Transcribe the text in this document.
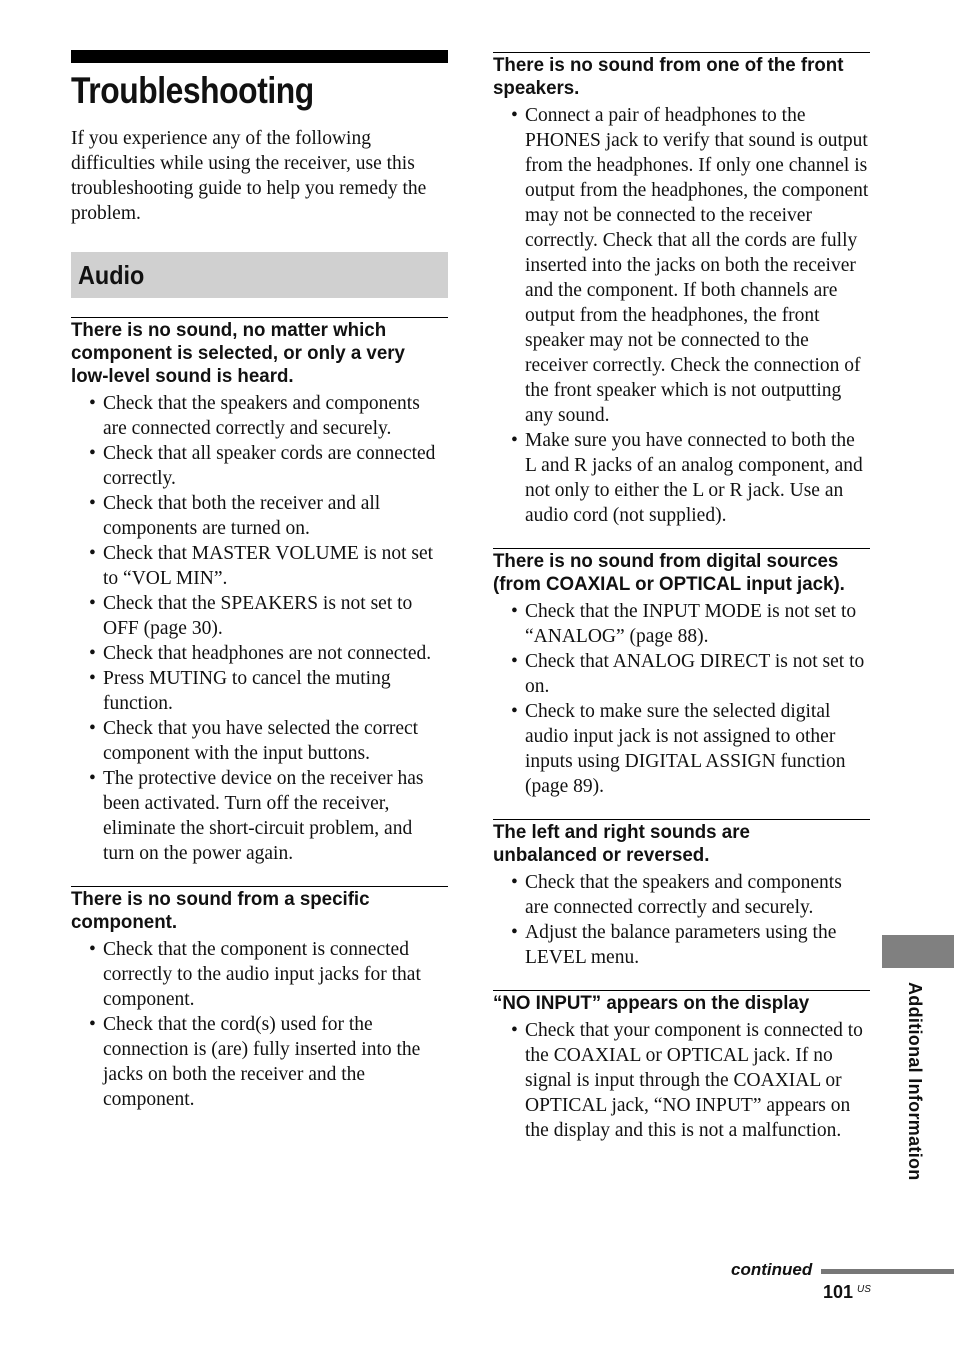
Troubleshooting

If you experience any of the following difficulties while using the receiver, use this troubleshooting guide to help you remedy the problem.

Audio
There is no sound, no matter which component is selected, or only a very low-level sound is heard.
• Check that the speakers and components are connected correctly and securely.
• Check that all speaker cords are connected correctly.
• Check that both the receiver and all components are turned on.
• Check that MASTER VOLUME is not set to “VOL MIN”.
• Check that the SPEAKERS is not set to OFF (page 30).
• Check that headphones are not connected.
• Press MUTING to cancel the muting function.
• Check that you have selected the correct component with the input buttons.
• The protective device on the receiver has been activated. Turn off the receiver, eliminate the short-circuit problem, and turn on the power again.
There is no sound from a specific component.
• Check that the component is connected correctly to the audio input jacks for that component.
• Check that the cord(s) used for the connection is (are) fully inserted into the jacks on both the receiver and the component.
There is no sound from one of the front speakers.
• Connect a pair of headphones to the PHONES jack to verify that sound is output from the headphones. If only one channel is output from the headphones, the component may not be connected to the receiver correctly. Check that all the cords are fully inserted into the jacks on both the receiver and the component. If both channels are output from the headphones, the front speaker may not be connected to the receiver correctly. Check the connection of the front speaker which is not outputting any sound.
• Make sure you have connected to both the L and R jacks of an analog component, and not only to either the L or R jack. Use an audio cord (not supplied).
There is no sound from digital sources (from COAXIAL or OPTICAL input jack).
• Check that the INPUT MODE is not set to “ANALOG” (page 88).
• Check that ANALOG DIRECT is not set to on.
• Check to make sure the selected digital audio input jack is not assigned to other inputs using DIGITAL ASSIGN function (page 89).
The left and right sounds are unbalanced or reversed.
• Check that the speakers and components are connected correctly and securely.
• Adjust the balance parameters using the LEVEL menu.
“NO INPUT” appears on the display
• Check that your component is connected to the COAXIAL or OPTICAL jack. If no signal is input through the COAXIAL or OPTICAL jack, “NO INPUT” appears on the display and this is not a malfunction.	Additional Information
continued
101 US
